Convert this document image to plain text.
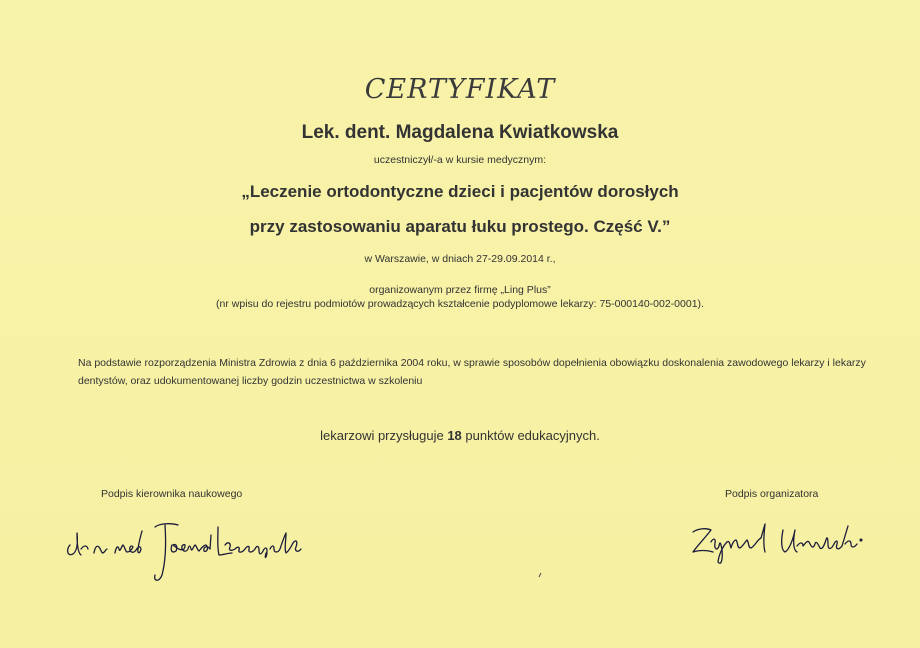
CERTYFIKAT
Lek. dent. Magdalena Kwiatkowska
uczestniczył/-a w kursie medycznym:
„Leczenie ortodontyczne dzieci i pacjentów dorosłych
przy zastosowaniu aparatu łuku prostego. Część V.”
w Warszawie, w dniach 27-29.09.2014 r.,
organizowanym przez firmę „Ling Plus”
(nr wpisu do rejestru podmiotów prowadzących kształcenie podyplomowe lekarzy: 75-000140-002-0001).
Na podstawie rozporządzenia Ministra Zdrowia z dnia 6 października 2004 roku, w sprawie sposobów dopełnienia obowiązku doskonalenia zawodowego lekarzy i lekarzy dentystów, oraz udokumentowanej liczby godzin uczestnictwa w szkoleniu
lekarzowi przysługuje 18 punktów edukacyjnych.
Podpis kierownika naukowego	Podpis organizatora
